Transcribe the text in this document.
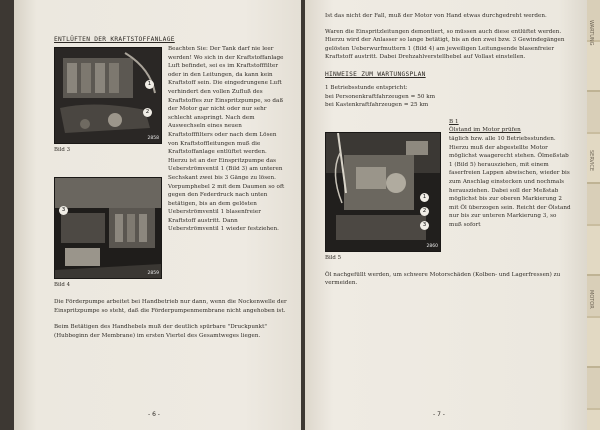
ENTLÜFTEN DER KRAFTSTOFFANLAGE
1
2
2858
Bild 3
3
2859
Bild 4
Beachten Sie: Der Tank darf nie leer werden! Wo sich in der Kraftstoffanlage Luft befindet, sei es im Kraftstofffilter oder in den Leitungen, da kann kein Kraftstoff sein. Die eingedrungene Luft verhindert den vollen Zufluß des Kraftstoffes zur Einspritzpumpe, so daß der Motor gar nicht oder nur sehr schlecht anspringt. Nach dem Auswechseln eines neuen Kraftstofffilters oder nach dem Lösen von Kraftstoffleitungen muß die Kraftstoffanlage entlüftet werden. Hierzu ist an der Einspritzpumpe das Ueberströmventil 1 (Bild 3) am unteren Sechskant zwei bis 3 Gänge zu lösen. Vorpumphebel 2 mit dem Daumen so oft gegen den Federdruck nach unten betätigen, bis an dem gelösten Ueberströmventil 1 blasenfreier Kraftstoff austritt. Dann Ueberströmventil 1 wieder festziehen.
Die Förderpumpe arbeitet bei Handbetrieb nur dann, wenn die Nockenwelle der Einspritzpumpe so steht, daß die Förderpumpenmembrane nicht angehoben ist.
Beim Betätigen des Handhebels muß der deutlich spürbare "Druckpunkt" (Hubbeginn der Membrane) im ersten Viertel des Gesamtweges liegen.
- 6 -
Ist das nicht der Fall, muß der Motor von Hand etwas durchgedreht werden.
Waren die Einspritzleitungen demontiert, so müssen auch diese entlüftet werden. Hierzu wird der Anlasser so lange betätigt, bis an den zwei bzw. 3 Gewindegängen gelösten Ueberwurfmuttern 1 (Bild 4) am jeweiligen Leitungsende blasenfreier Kraftstoff austritt. Dabei Drehzahlverstellhebel auf Vollast einstellen.
HINWEISE ZUM WARTUNGSPLAN
1 Betriebsstunde entspricht:
bei Personenkraftfahrzeugen = 50 km
bei Kastenkraftfahrzeugen = 25 km
1
2
3
2860
Bild 5
B 1
Ölstand im Motor prüfen
täglich bzw. alle 10 Betriebsstunden. Hierzu muß der abgestellte Motor möglichst waagerecht stehen. Ölmeßstab 1 (Bild 5) herausziehen, mit einem faserfreien Lappen abwischen, wieder bis zum Anschlag einstecken und nochmals herausziehen. Dabei soll der Meßstab möglichst bis zur oberen Markierung 2 mit Öl überzogen sein. Reicht der Ölstand nur bis zur unteren Markierung 3, so muß sofort
Öl nachgefüllt werden, um schwere Motorschäden (Kolben- und Lagerfressen) zu vermeiden.
- 7 -
WARTUNG
SERVICE
MOTOR
